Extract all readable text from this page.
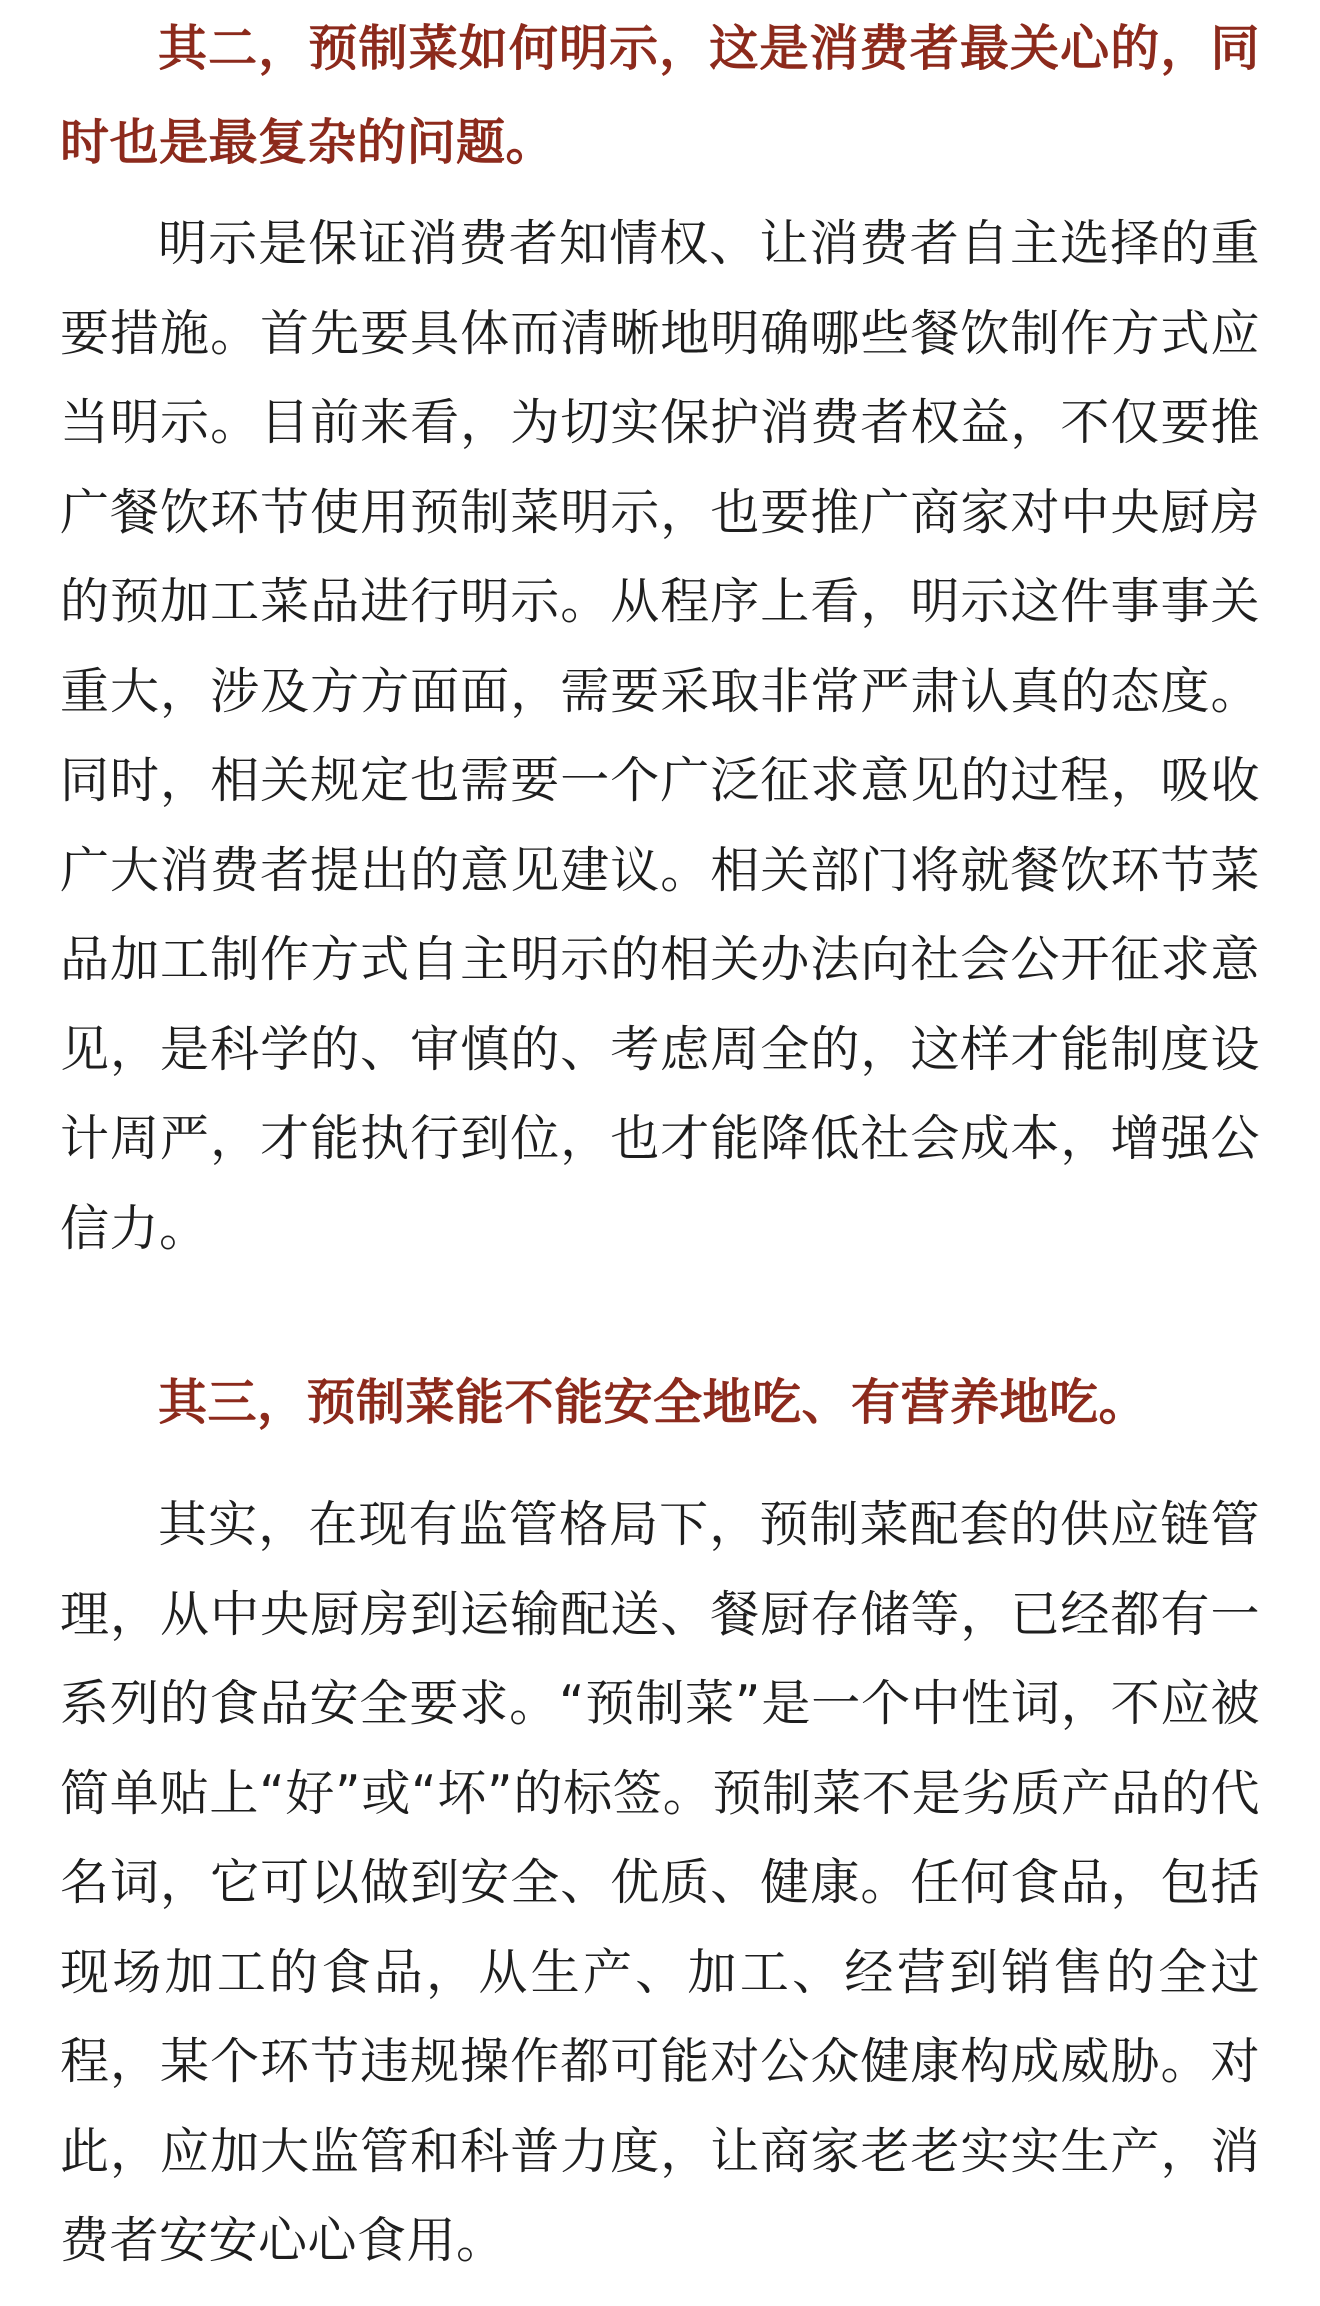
其二，预制菜如何明示，这是消费者最关心的，同时也是最复杂的问题。

明示是保证消费者知情权、让消费者自主选择的重要措施。首先要具体而清晰地明确哪些餐饮制作方式应当明示。目前来看，为切实保护消费者权益，不仅要推广餐饮环节使用预制菜明示，也要推广商家对中央厨房的预加工菜品进行明示。从程序上看，明示这件事事关重大，涉及方方面面，需要采取非常严肃认真的态度。同时，相关规定也需要一个广泛征求意见的过程，吸收广大消费者提出的意见建议。相关部门将就餐饮环节菜品加工制作方式自主明示的相关办法向社会公开征求意见，是科学的、审慎的、考虑周全的，这样才能制度设计周严，才能执行到位，也才能降低社会成本，增强公信力。

其三，预制菜能不能安全地吃、有营养地吃。

其实，在现有监管格局下，预制菜配套的供应链管理，从中央厨房到运输配送、餐厨存储等，已经都有一系列的食品安全要求。“预制菜”是一个中性词，不应被简单贴上“好”或“坏”的标签。预制菜不是劣质产品的代名词，它可以做到安全、优质、健康。任何食品，包括现场加工的食品，从生产、加工、经营到销售的全过程，某个环节违规操作都可能对公众健康构成威胁。对此，应加大监管和科普力度，让商家老老实实生产，消费者安安心心食用。
